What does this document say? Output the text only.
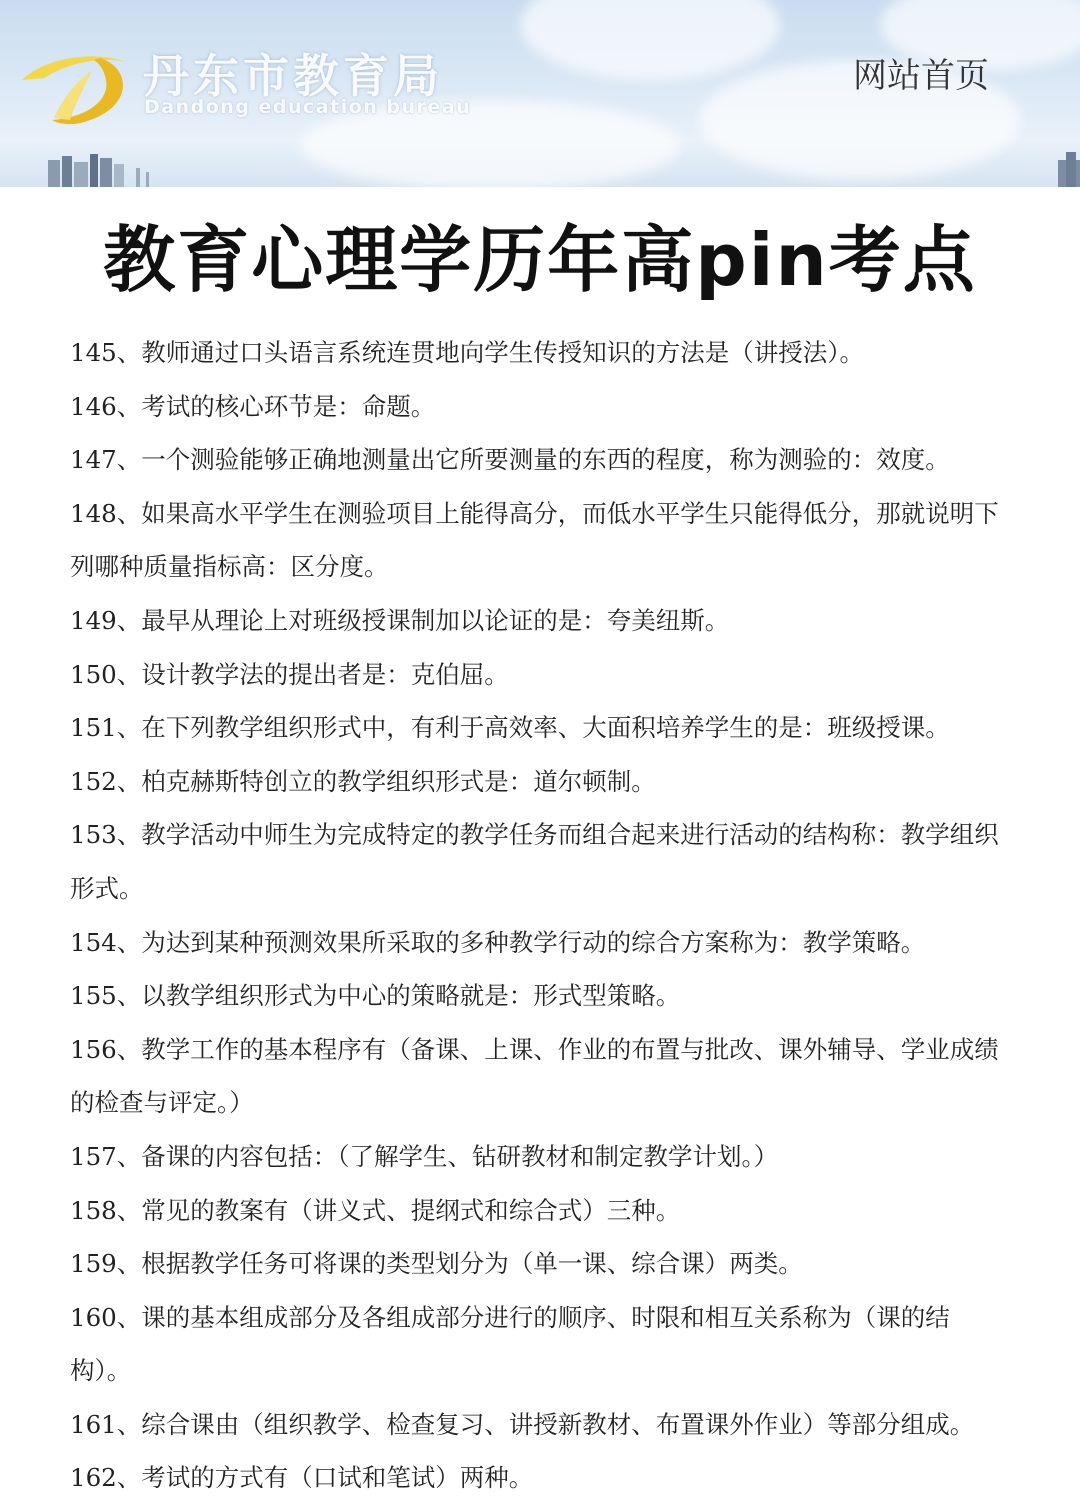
丹东市教育局
Dandong education bureau
网站首页
教育心理学历年高pin考点
145、教师通过口头语言系统连贯地向学生传授知识的方法是（讲授法）。
146、考试的核心环节是：命题。
147、一个测验能够正确地测量出它所要测量的东西的程度，称为测验的：效度。
148、如果高水平学生在测验项目上能得高分，而低水平学生只能得低分，那就说明下列哪种质量指标高：区分度。
149、最早从理论上对班级授课制加以论证的是：夸美纽斯。
150、设计教学法的提出者是：克伯屈。
151、在下列教学组织形式中，有利于高效率、大面积培养学生的是：班级授课。
152、柏克赫斯特创立的教学组织形式是：道尔顿制。
153、教学活动中师生为完成特定的教学任务而组合起来进行活动的结构称：教学组织形式。
154、为达到某种预测效果所采取的多种教学行动的综合方案称为：教学策略。
155、以教学组织形式为中心的策略就是：形式型策略。
156、教学工作的基本程序有（备课、上课、作业的布置与批改、课外辅导、学业成绩的检查与评定。）
157、备课的内容包括：（了解学生、钻研教材和制定教学计划。）
158、常见的教案有（讲义式、提纲式和综合式）三种。
159、根据教学任务可将课的类型划分为（单一课、综合课）两类。
160、课的基本组成部分及各组成部分进行的顺序、时限和相互关系称为（课的结构）。
161、综合课由（组织教学、检查复习、讲授新教材、布置课外作业）等部分组成。
162、考试的方式有（口试和笔试）两种。
